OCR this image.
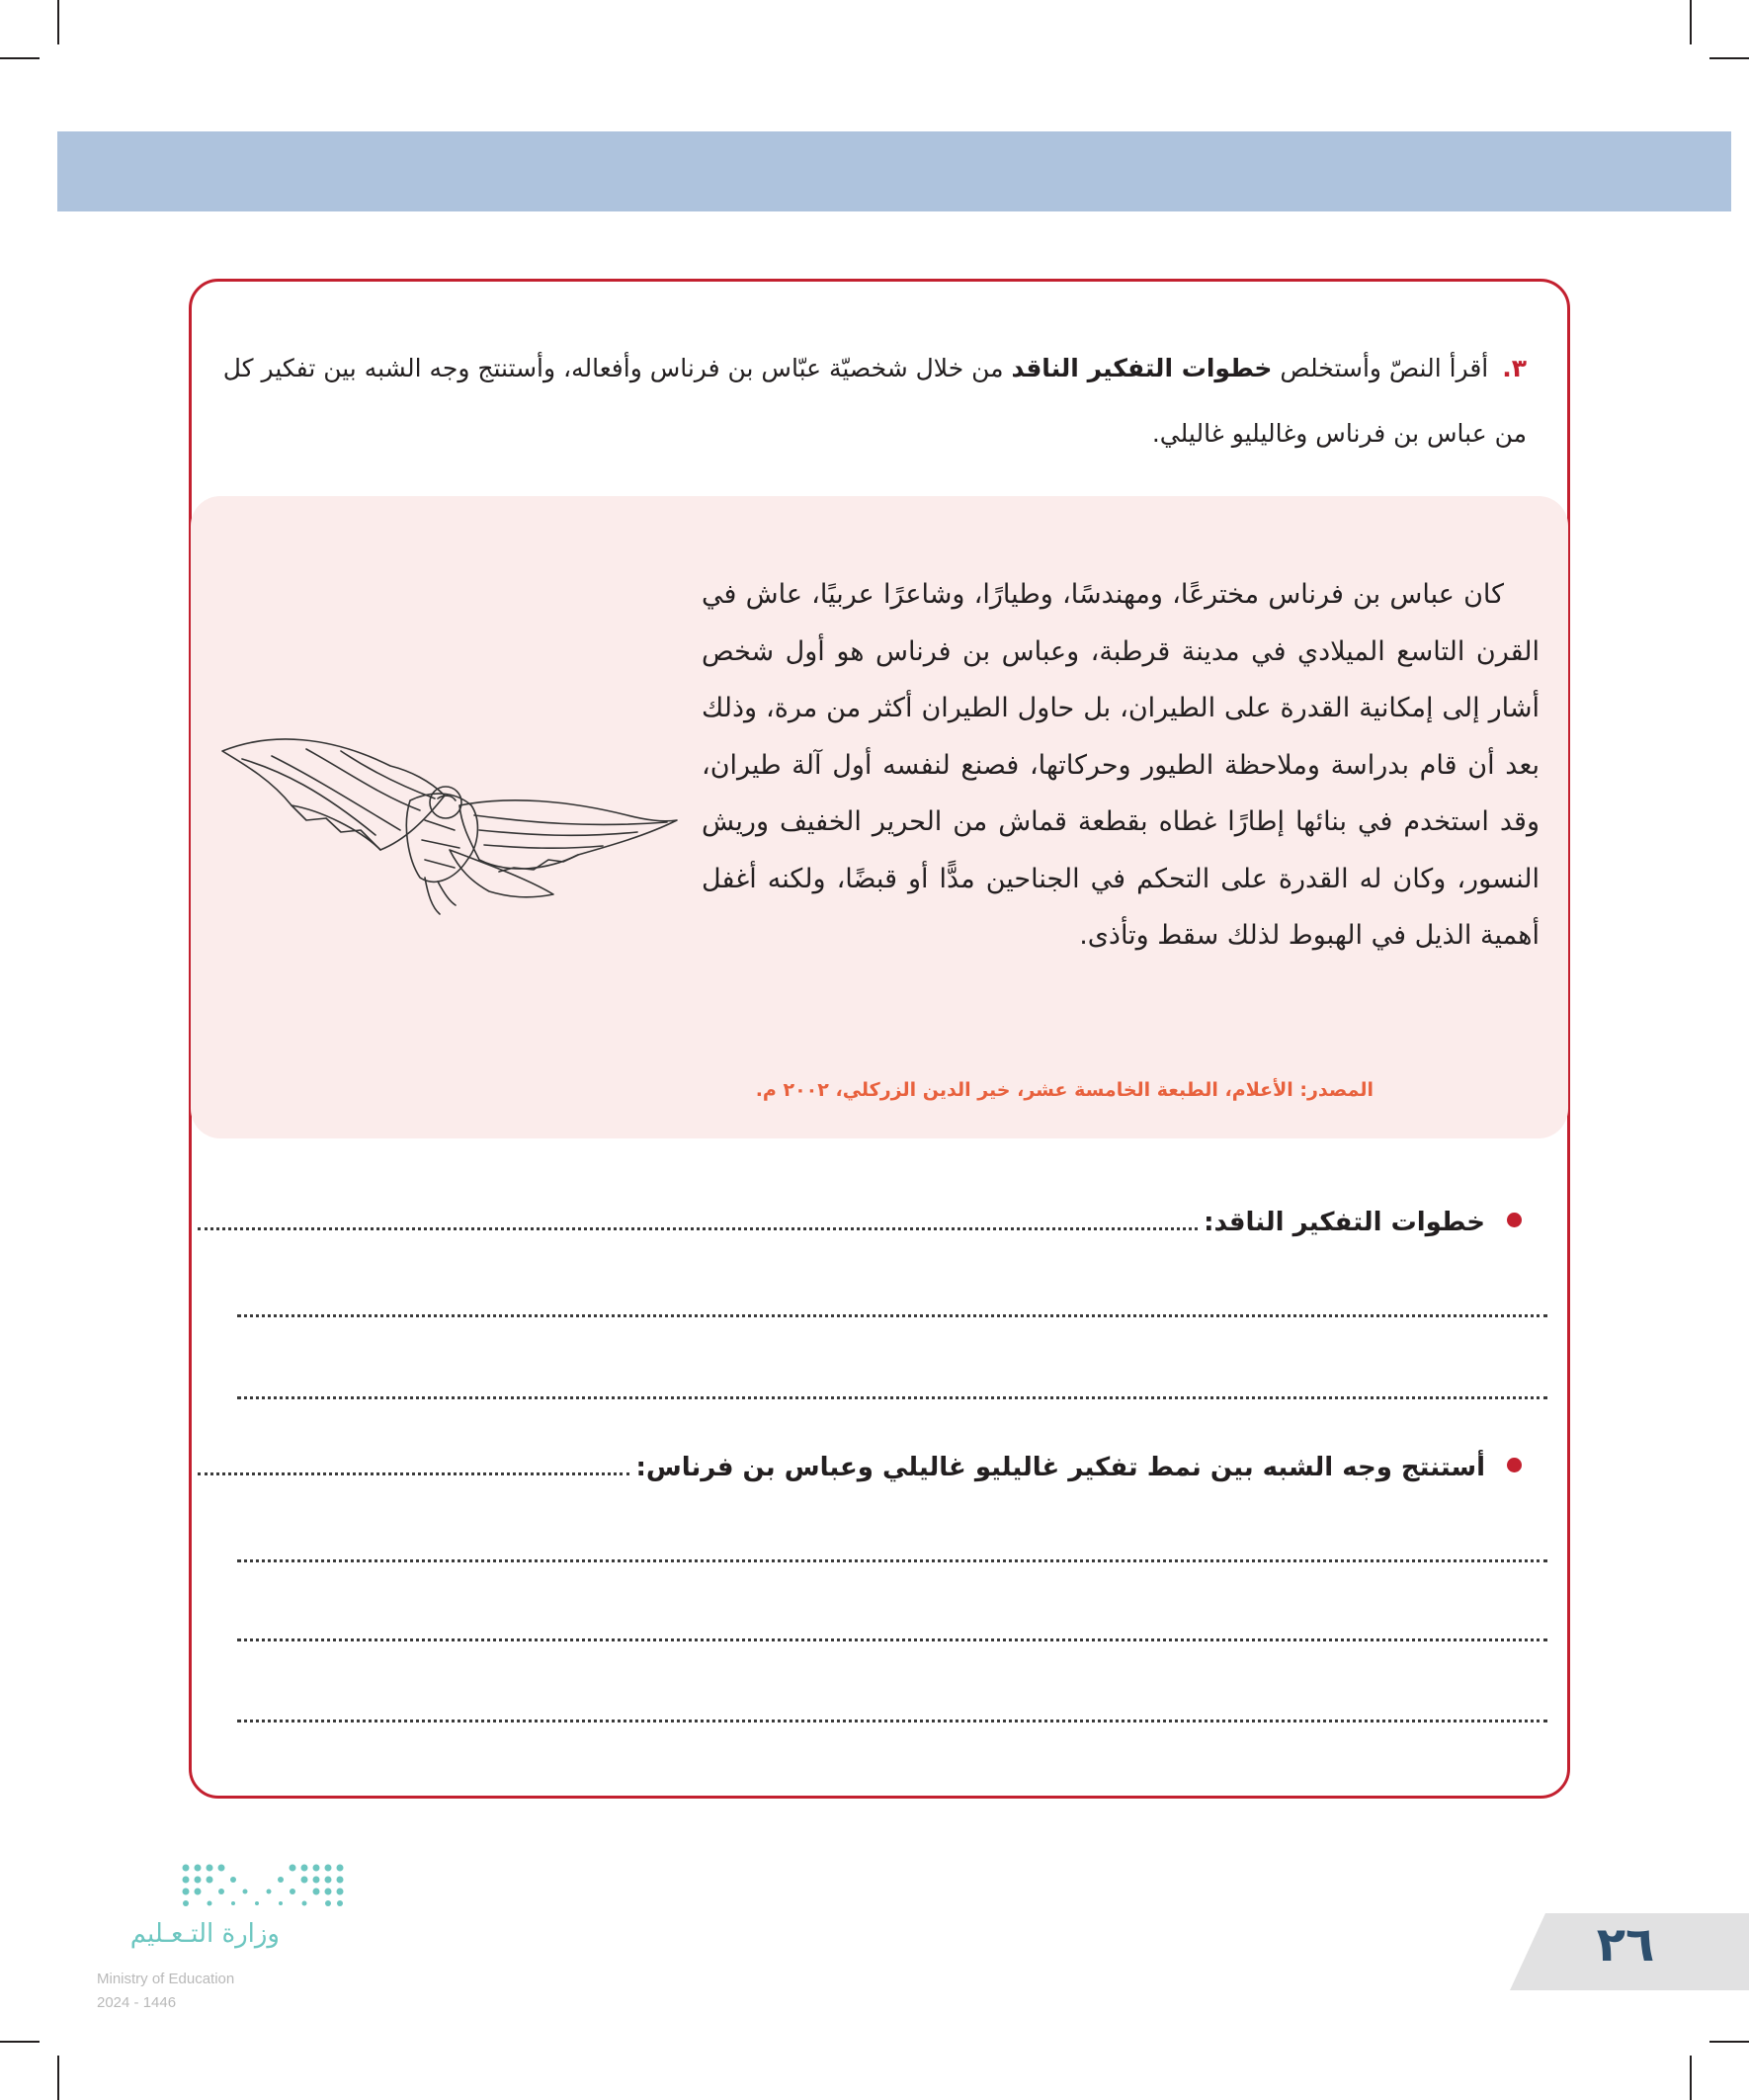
٣.أقرأ النصّ وأستخلص خطوات التفكير الناقد من خلال شخصيّة عبّاس بن فرناس وأفعاله، وأستنتج وجه الشبه بين تفكير كل من عباس بن فرناس وغاليليو غاليلي.
كان عباس بن فرناس مخترعًا، ومهندسًا، وطيارًا، وشاعرًا عربيًا، عاش في القرن التاسع الميلادي في مدينة قرطبة، وعباس بن فرناس هو أول شخص أشار إلى إمكانية القدرة على الطيران، بل حاول الطيران أكثر من مرة، وذلك بعد أن قام بدراسة وملاحظة الطيور وحركاتها، فصنع لنفسه أول آلة طيران، وقد استخدم في بنائها إطارًا غطاه بقطعة قماش من الحرير الخفيف وريش النسور، وكان له القدرة على التحكم في الجناحين مدًّا أو قبضًا، ولكنه أغفل أهمية الذيل في الهبوط لذلك سقط وتأذى.
المصدر: الأعلام، الطبعة الخامسة عشر، خير الدين الزركلي، ٢٠٠٢ م.
خطوات التفكير الناقد:
أستنتج وجه الشبه بين نمط تفكير غاليليو غاليلي وعباس بن فرناس:
وزارة التـعـليم
Ministry of Education
2024 - 1446
٢٦
